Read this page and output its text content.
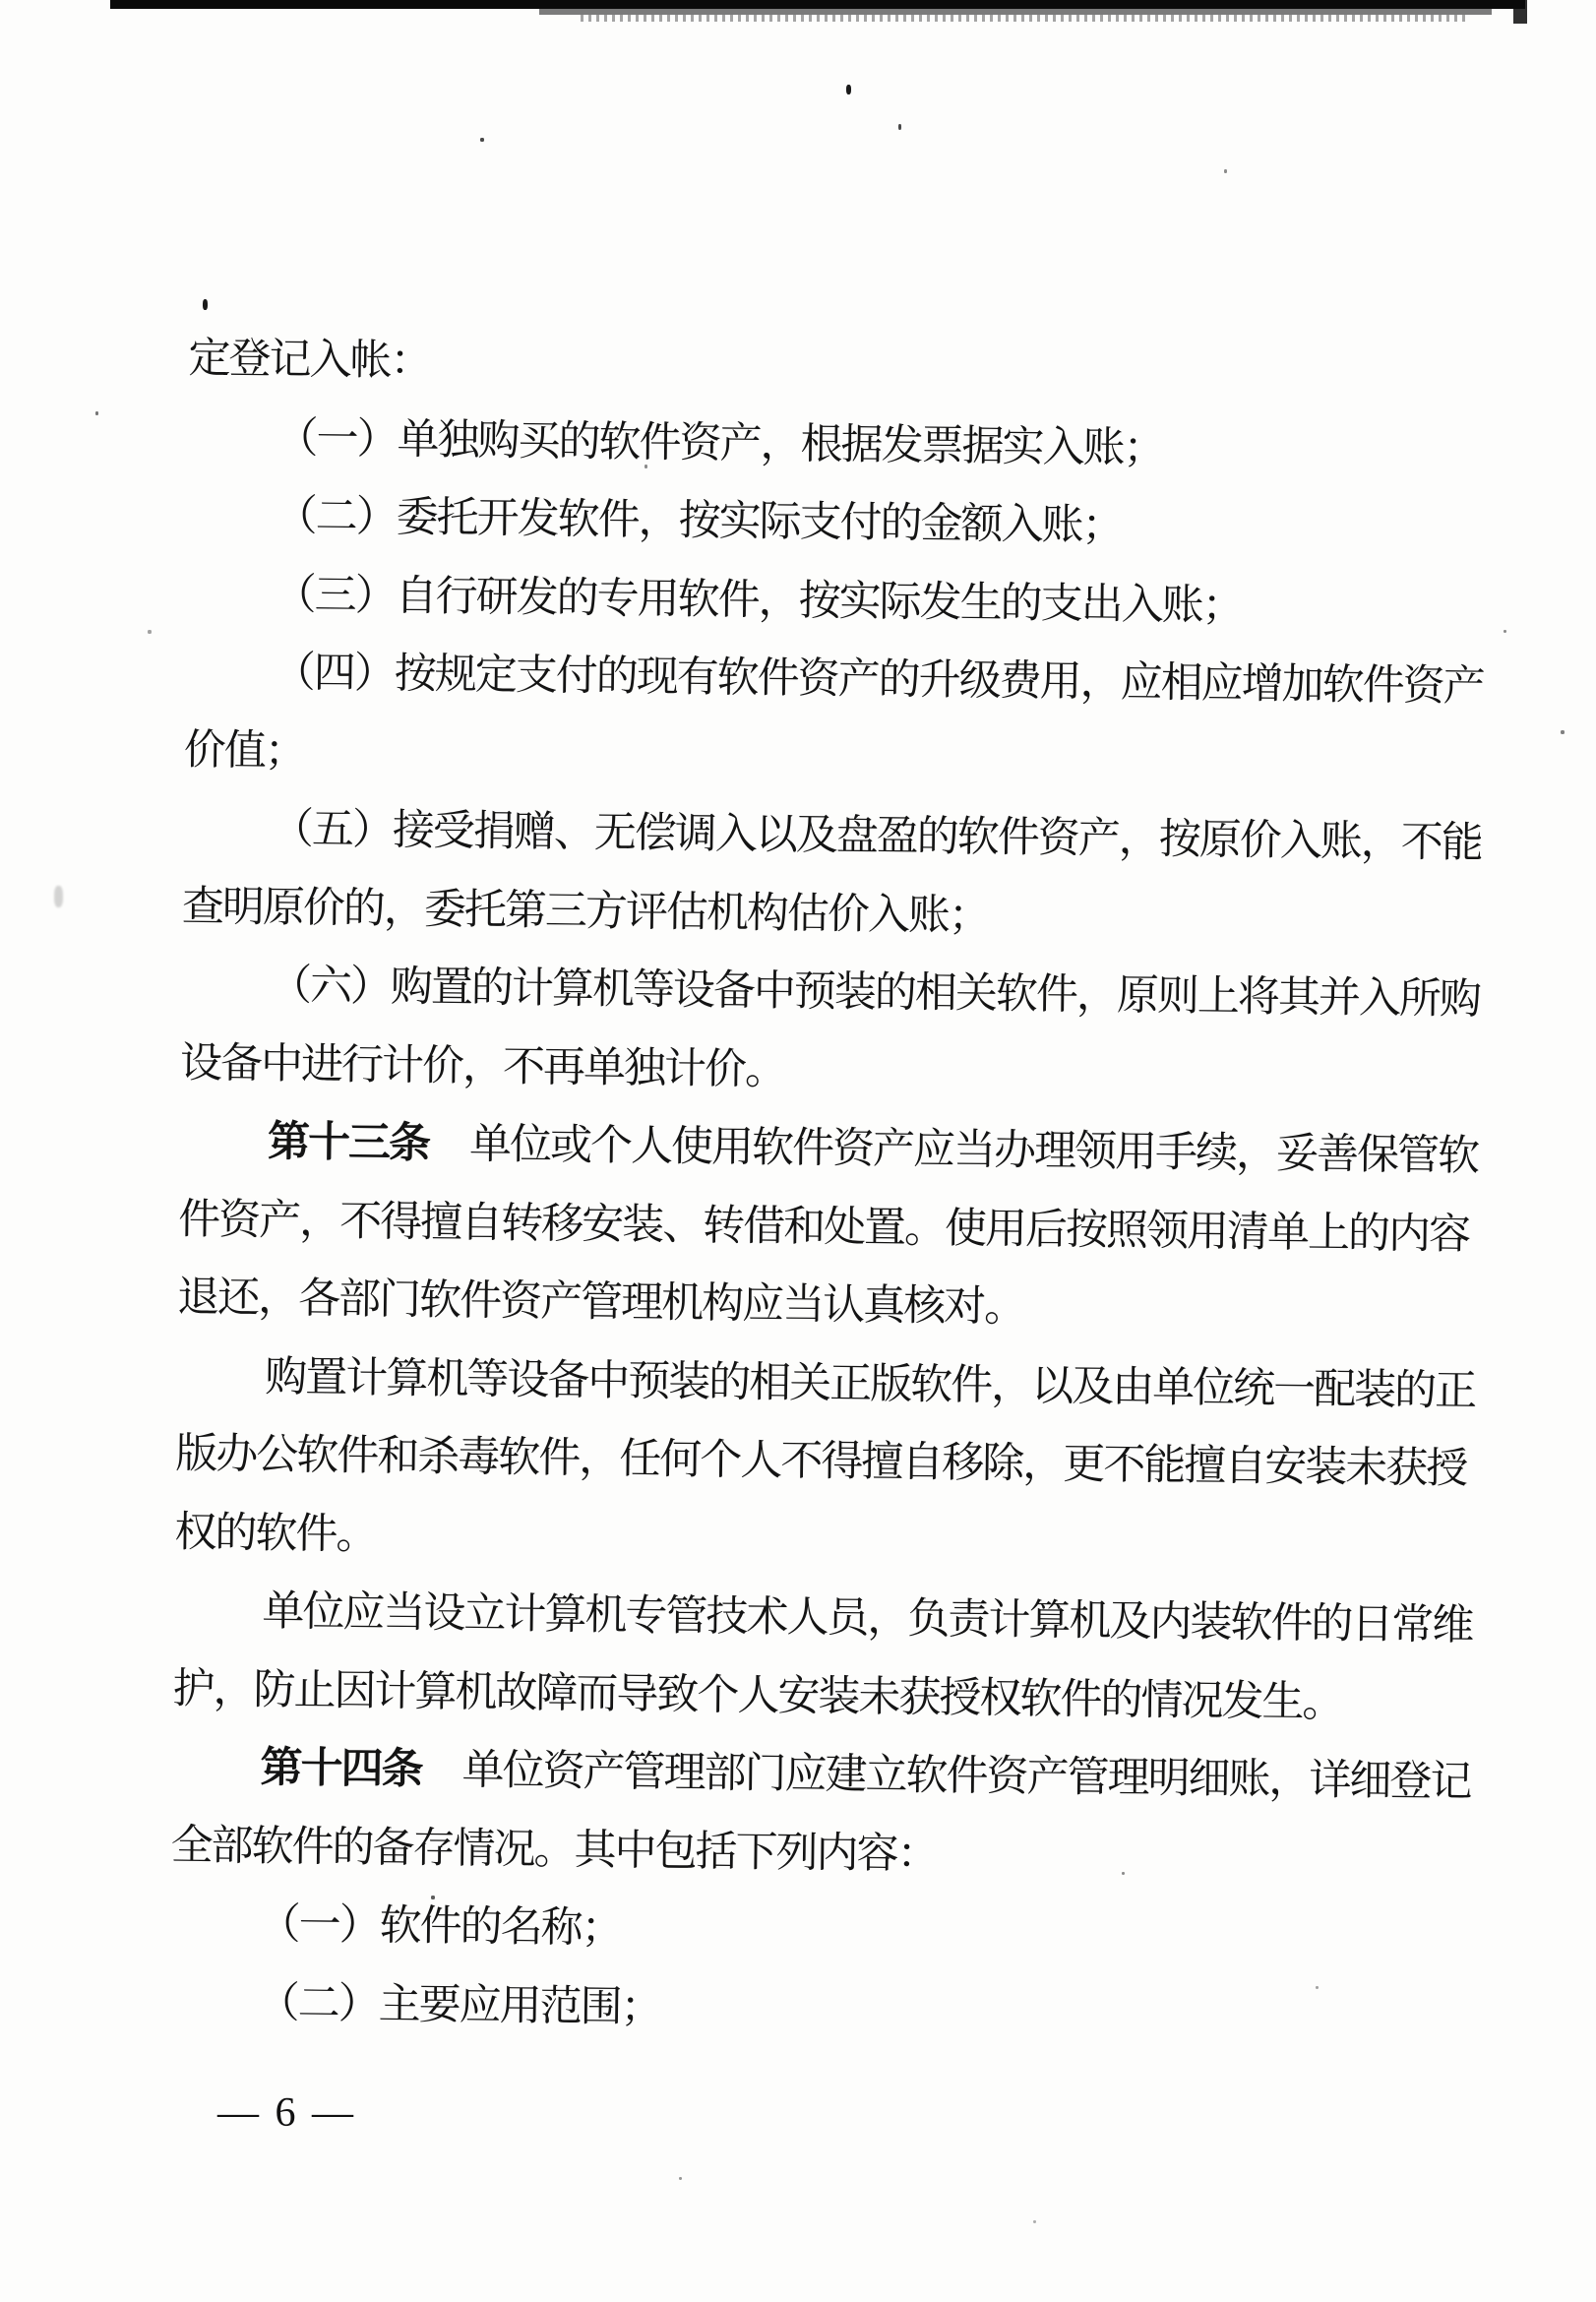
定登记入帐：
（一）单独购买的软件资产，根据发票据实入账；
（二）委托开发软件，按实际支付的金额入账；
（三）自行研发的专用软件，按实际发生的支出入账；
（四）按规定支付的现有软件资产的升级费用，应相应增加软件资产
价值；
（五）接受捐赠、无偿调入以及盘盈的软件资产，按原价入账，不能
查明原价的，委托第三方评估机构估价入账；
（六）购置的计算机等设备中预装的相关软件，原则上将其并入所购
设备中进行计价，不再单独计价。
第十三条　单位或个人使用软件资产应当办理领用手续，妥善保管软
件资产，不得擅自转移安装、转借和处置。使用后按照领用清单上的内容
退还，各部门软件资产管理机构应当认真核对。
购置计算机等设备中预装的相关正版软件，以及由单位统一配装的正
版办公软件和杀毒软件，任何个人不得擅自移除，更不能擅自安装未获授
权的软件。
单位应当设立计算机专管技术人员，负责计算机及内装软件的日常维
护，防止因计算机故障而导致个人安装未获授权软件的情况发生。
第十四条　单位资产管理部门应建立软件资产管理明细账，详细登记
全部软件的备存情况。其中包括下列内容：
（一）软件的名称；
（二）主要应用范围；
— 6 —
